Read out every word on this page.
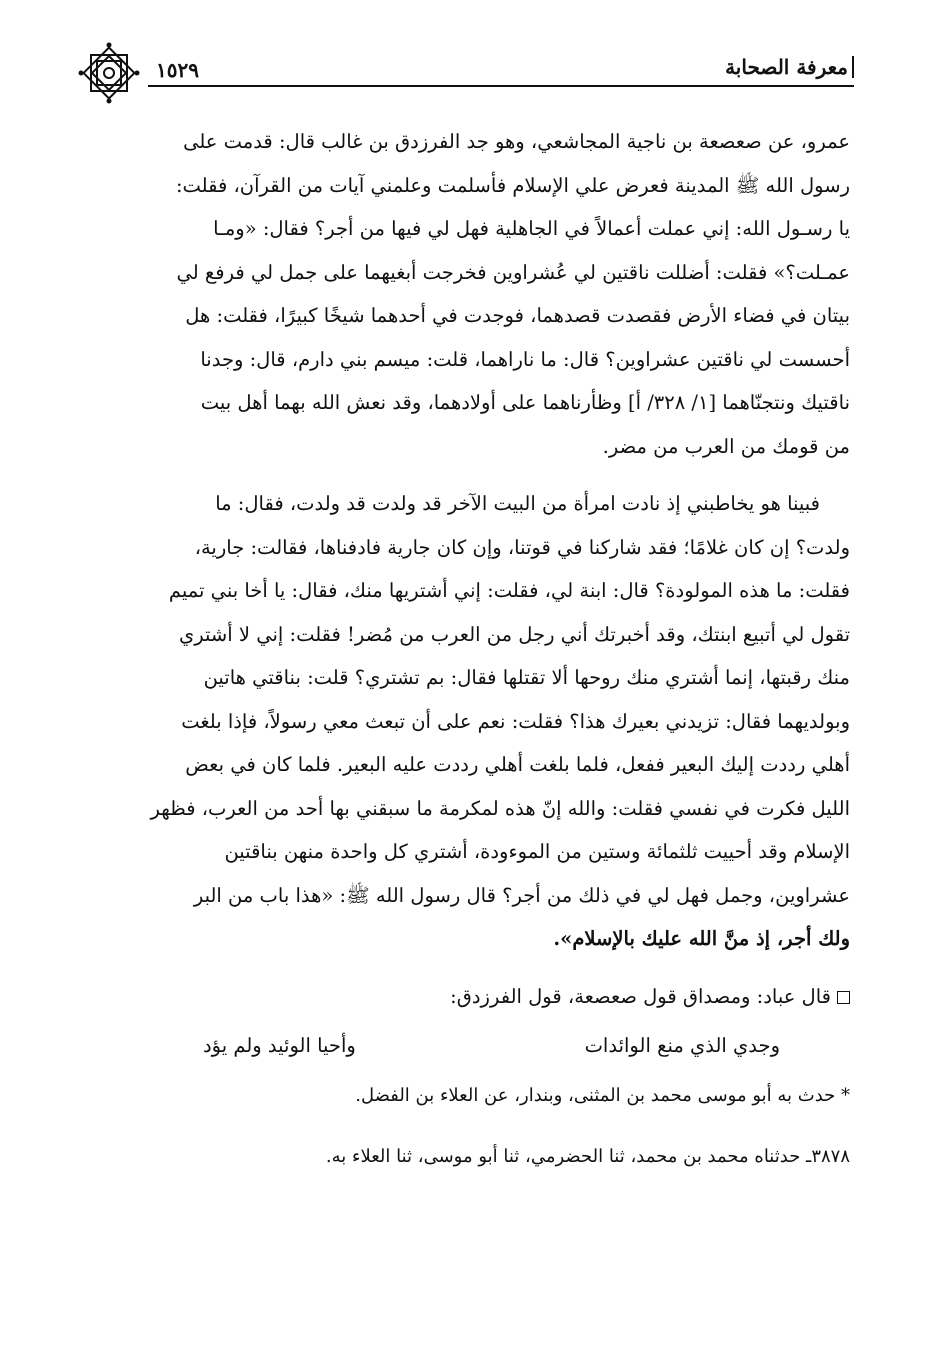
١٥٢٩	معرفة الصحابة

عمرو، عن صعصعة بن ناجية المجاشعي، وهو جد الفرزدق بن غالب قال: قدمت على

رسول الله ﷺ المدينة فعرض علي الإسلام فأسلمت وعلمني آيات من القرآن، فقلت:

يا رسـول الله: إني عملت أعمالاً في الجاهلية فهل لي فيها من أجر؟ فقال: «ومـا

عمـلت؟» فقلت: أضللت ناقتين لي عُشراوين فخرجت أبغيهما على جمل لي فرفع لي

بيتان في فضاء الأرض فقصدت قصدهما، فوجدت في أحدهما شيخًا كبيرًا، فقلت: هل

أحسست لي ناقتين عشراوين؟ قال: ما ناراهما، قلت: ميسم بني دارم، قال: وجدنا

ناقتيك ونتجنّاهما [١/ ٣٢٨/ أ] وظأرناهما على أولادهما، وقد نعش الله بهما أهل بيت

من قومك من العرب من مضر.

فبينا هو يخاطبني إذ نادت امرأة من البيت الآخر قد ولدت قد ولدت، فقال: ما

ولدت؟ إن كان غلامًا؛ فقد شاركنا في قوتنا، وإن كان جارية فادفناها، فقالت: جارية،

فقلت: ما هذه المولودة؟ قال: ابنة لي، فقلت: إني أشتريها منك، فقال: يا أخا بني تميم

تقول لي أتبيع ابنتك، وقد أخبرتك أني رجل من العرب من مُضر! فقلت: إني لا أشتري

منك رقبتها، إنما أشتري منك روحها ألا تقتلها فقال: بم تشتري؟ قلت: بناقتي هاتين

وبولديهما فقال: تزيدني بعيرك هذا؟ فقلت: نعم على أن تبعث معي رسولاً، فإذا بلغت

أهلي رددت إليك البعير ففعل، فلما بلغت أهلي رددت عليه البعير. فلما كان في بعض

الليل فكرت في نفسي فقلت: والله إنّ هذه لمكرمة ما سبقني بها أحد من العرب، فظهر

الإسلام وقد أحييت ثلثمائة وستين من الموءودة، أشتري كل واحدة منهن بناقتين

عشراوين، وجمل فهل لي في ذلك من أجر؟ قال رسول الله ﷺ: «هذا باب من البر

ولك أجر، إذ منَّ الله عليك بالإسلام».

قال عباد: ومصداق قول صعصعة، قول الفرزدق:

وجدي الذي منع الوائدات
وأحيا الوئيد ولم يؤد

* حدث به أبو موسى محمد بن المثنى، وبندار، عن العلاء بن الفضل.

٣٨٧٨ـ حدثناه محمد بن محمد، ثنا الحضرمي، ثنا أبو موسى، ثنا العلاء به.
